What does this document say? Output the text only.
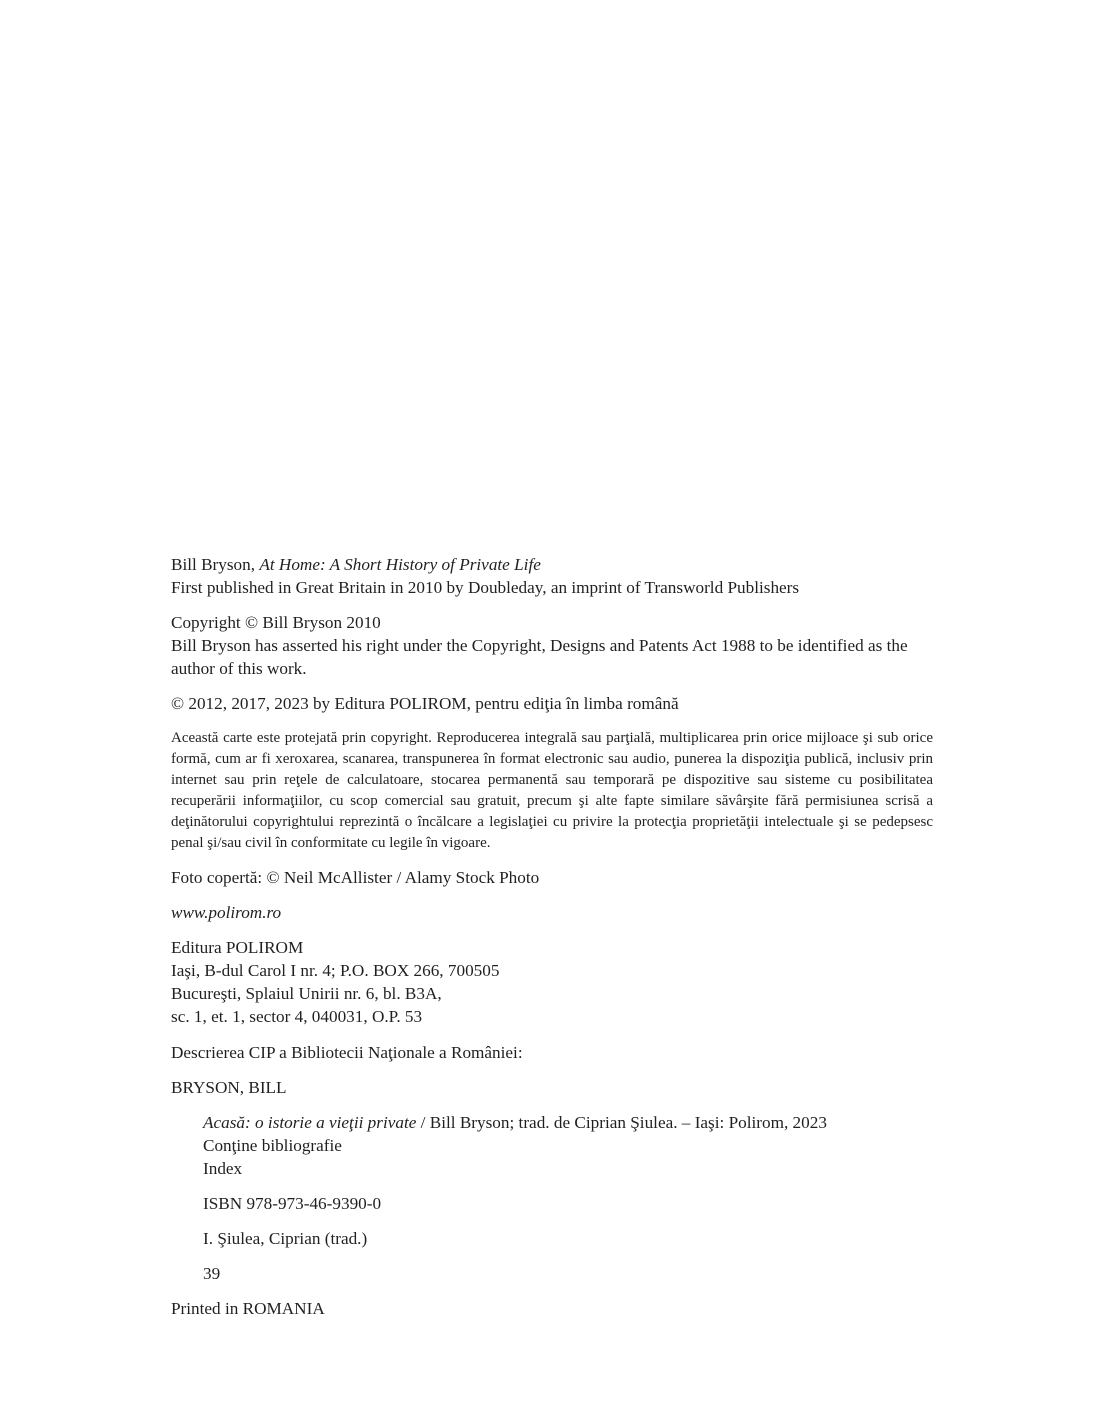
Bill Bryson, At Home: A Short History of Private Life

First published in Great Britain in 2010 by Doubleday, an imprint of Transworld Publishers

Copyright © Bill Bryson 2010

Bill Bryson has asserted his right under the Copyright, Designs and Patents Act 1988 to be identified as the author of this work.

© 2012, 2017, 2023 by Editura POLIROM, pentru ediţia în limba română

Această carte este protejată prin copyright. Reproducerea integrală sau parţială, multiplicarea prin orice mijloace şi sub orice formă, cum ar fi xeroxarea, scanarea, transpunerea în format electronic sau audio, punerea la dispoziţia publică, inclusiv prin internet sau prin reţele de calculatoare, stocarea permanentă sau temporară pe dispozitive sau sisteme cu posibilitatea recuperării informaţiilor, cu scop comercial sau gratuit, precum şi alte fapte similare săvârşite fără permisiunea scrisă a deţinătorului copyrightului reprezintă o încălcare a legislaţiei cu privire la protecţia proprietăţii intelectuale şi se pedepsesc penal şi/sau civil în conformitate cu legile în vigoare.

Foto copertă: © Neil McAllister / Alamy Stock Photo

www.polirom.ro

Editura POLIROM

Iaşi, B-dul Carol I nr. 4; P.O. BOX 266, 700505

Bucureşti, Splaiul Unirii nr. 6, bl. B3A,

sc. 1, et. 1, sector 4, 040031, O.P. 53

Descrierea CIP a Bibliotecii Naţionale a României:

BRYSON, BILL

Acasă: o istorie a vieţii private / Bill Bryson; trad. de Ciprian Şiulea. – Iaşi: Polirom, 2023

Conţine bibliografie

Index

ISBN 978-973-46-9390-0

I. Şiulea, Ciprian (trad.)

39

Printed in ROMANIA
